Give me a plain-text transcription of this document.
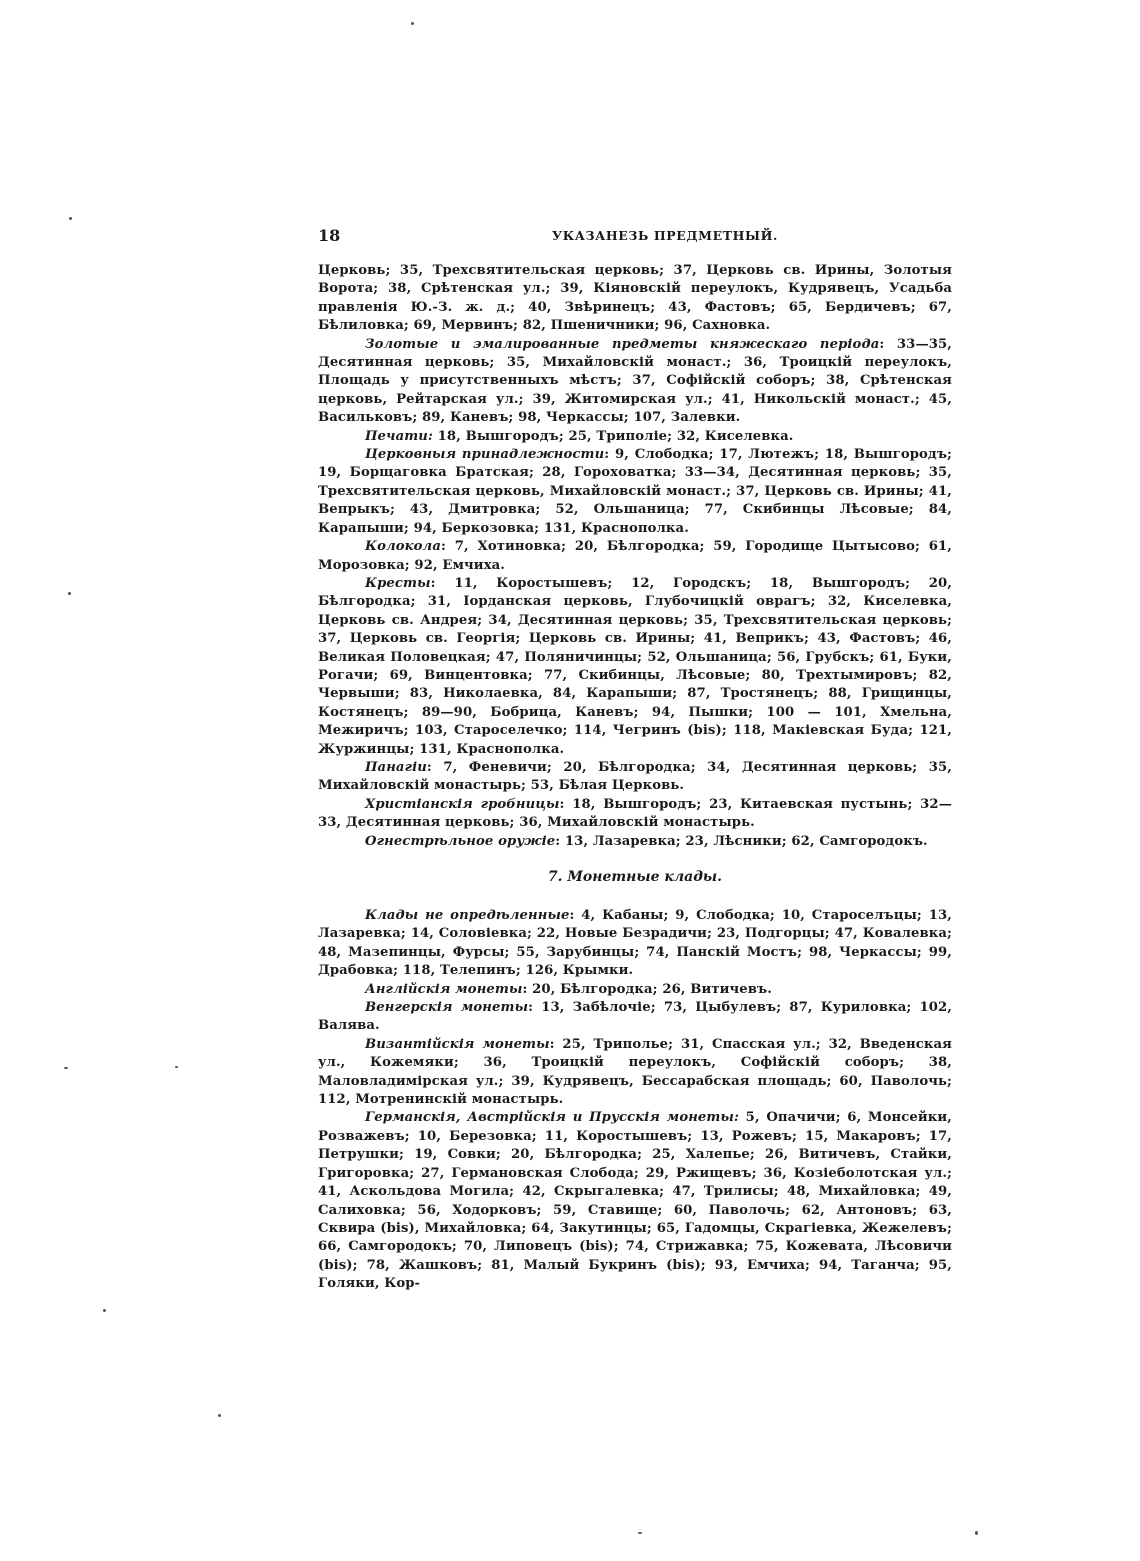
18	УКАЗАНЕЗЬ ПРЕДМЕТНЫЙ.

Церковь; 35, Трехсвятительская церковь; 37, Церковь св. Ирины, Золотыя Ворота; 38, Срѣтенская ул.; 39, Кіяновскій переулокъ, Кудрявецъ, Усадьба правленія Ю.-З. ж. д.; 40, Звѣринецъ; 43, Фастовъ; 65, Бердичевъ; 67, Бѣлиловка; 69, Мервинъ; 82, Пшеничники; 96, Сахновка.

Золотые и эмалированные предметы княжескаго періода: 33—35, Десятинная церковь; 35, Михайловскій монаст.; 36, Троицкій переулокъ, Площадь у присутственныхъ мѣстъ; 37, Софійскій соборъ; 38, Срѣтенская церковь, Рейтарская ул.; 39, Житомирская ул.; 41, Никольскій монаст.; 45, Васильковъ; 89, Каневъ; 98, Черкассы; 107, Залевки.

Печати: 18, Вышгородъ; 25, Триполіе; 32, Киселевка.

Церковныя принадлежности: 9, Слободка; 17, Лютежъ; 18, Вышгородъ; 19, Борщаговка Братская; 28, Гороховатка; 33—34, Десятинная церковь; 35, Трехсвятительская церковь, Михайловскій монаст.; 37, Церковь св. Ирины; 41, Вепрыкъ; 43, Дмитровка; 52, Ольшаница; 77, Скибинцы Лѣсовые; 84, Карапыши; 94, Беркозовка; 131, Краснополка.

Колокола: 7, Хотиновка; 20, Бѣлгородка; 59, Городище Цытысово; 61, Морозовка; 92, Емчиха.

Кресты: 11, Коростышевъ; 12, Городскъ; 18, Вышгородъ; 20, Бѣлгородка; 31, Іорданская церковь, Глубочицкій оврагъ; 32, Киселевка, Церковь св. Андрея; 34, Десятинная церковь; 35, Трехсвятительская церковь; 37, Церковь св. Георгія; Церковь св. Ирины; 41, Веприкъ; 43, Фастовъ; 46, Великая Половецкая; 47, Поляничинцы; 52, Ольшаница; 56, Грубскъ; 61, Буки, Рогачи; 69, Винцентовка; 77, Скибинцы, Лѣсовые; 80, Трехтымировъ; 82, Червыши; 83, Николаевка, 84, Карапыши; 87, Тростянецъ; 88, Грищинцы, Костянецъ; 89—90, Бобрица, Каневъ; 94, Пышки; 100 — 101, Хмельна, Межиричъ; 103, Староселечко; 114, Чегринъ (bis); 118, Макіевская Буда; 121, Журжинцы; 131, Краснополка.

Панагіи: 7, Феневичи; 20, Бѣлгородка; 34, Десятинная церковь; 35, Михайловскій монастырь; 53, Бѣлая Церковь.

Христіанскія гробницы: 18, Вышгородъ; 23, Китаевская пустынь; 32—33, Десятинная церковь; 36, Михайловскій монастырь.

Огнестрѣльное оружіе: 13, Лазаревка; 23, Лѣсники; 62, Самгородокъ.

7. Монетные клады.

Клады не опредѣленные: 4, Кабаны; 9, Слободка; 10, Староселъцы; 13, Лазаревка; 14, Соловіевка; 22, Новые Безрадичи; 23, Подгорцы; 47, Ковалевка; 48, Мазепинцы, Фурсы; 55, Зарубинцы; 74, Панскій Мостъ; 98, Черкассы; 99, Драбовка; 118, Телепинъ; 126, Крымки.

Англійскія монеты: 20, Бѣлгородка; 26, Витичевъ.

Венгерскія монеты: 13, Забѣлочіе; 73, Цыбулевъ; 87, Куриловка; 102, Валява.

Византійскія монеты: 25, Триполье; 31, Спасская ул.; 32, Введенская ул., Кожемяки; 36, Троицкій переулокъ, Софійскій соборъ; 38, Маловладимірская ул.; 39, Кудрявецъ, Бессарабская площадь; 60, Паволочь; 112, Мотренинскій монастырь.

Германскія, Австрійскія и Прусскія монеты: 5, Опачичи; 6, Монсейки, Розважевъ; 10, Березовка; 11, Коростышевъ; 13, Рожевъ; 15, Макаровъ; 17, Петрушки; 19, Совки; 20, Бѣлгородка; 25, Халепье; 26, Витичевъ, Стайки, Григоровка; 27, Германовская Слобода; 29, Ржищевъ; 36, Козіеболотская ул.; 41, Аскольдова Могила; 42, Скрыгалевка; 47, Трилисы; 48, Михайловка; 49, Салиховка; 56, Ходорковъ; 59, Ставище; 60, Паволочь; 62, Антоновъ; 63, Сквира (bis), Михайловка; 64, Закутинцы; 65, Гадомцы, Скрагіевка, Жежелевъ; 66, Самгородокъ; 70, Липовецъ (bis); 74, Стрижавка; 75, Кожевата, Лѣсовичи (bis); 78, Жашковъ; 81, Малый Букринъ (bis); 93, Емчиха; 94, Таганча; 95, Голяки, Кор-
